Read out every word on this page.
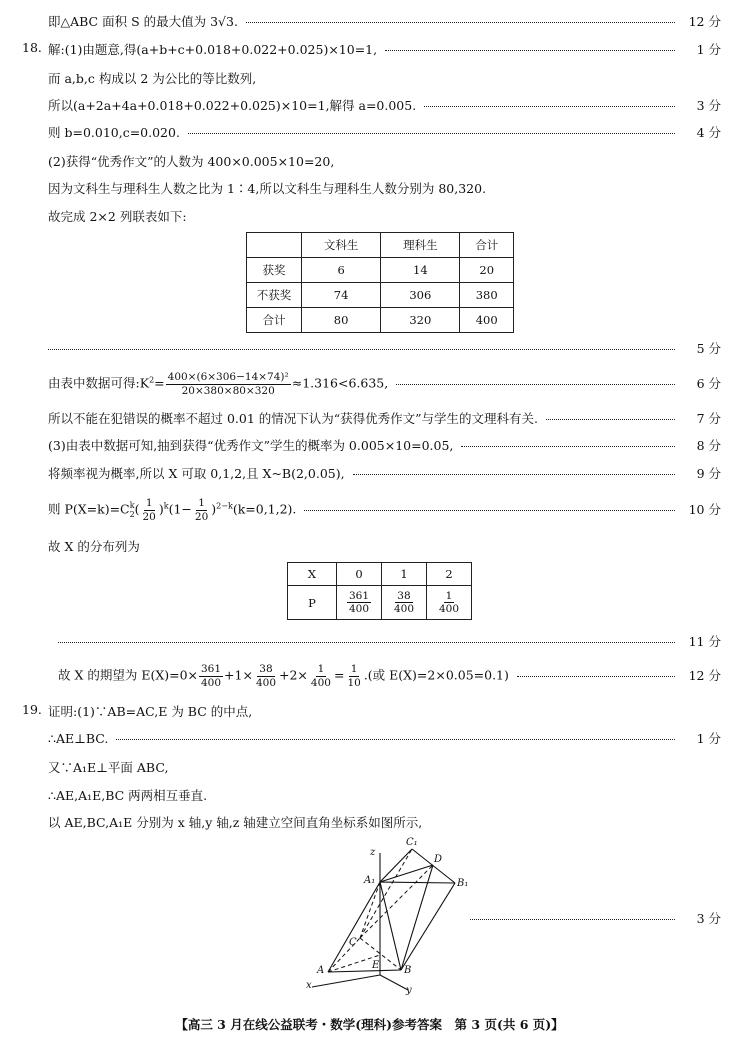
即△ABC 面积 S 的最大值为 3√3.	12 分
18. 解:(1)由题意,得(a+b+c+0.018+0.022+0.025)×10=1,	1 分
而 a,b,c 构成以 2 为公比的等比数列,
所以(a+2a+4a+0.018+0.022+0.025)×10=1,解得 a=0.005.	3 分
则 b=0.010,c=0.020.	4 分
(2)获得“优秀作文”的人数为 400×0.005×10=20,
因为文科生与理科生人数之比为 1∶4,所以文科生与理科生人数分别为 80,320.
故完成 2×2 列联表如下:
	文科生	理科生	合计
获奖	6	14	20
不获奖	74	306	380
合计	80	320	400
5 分
由表中数据可得$:K^2= \frac{\text{400×(6×306−14×74)²}}{20\times 380\times 80\times 320} \approx 1.316<6.635$,	6 分
所以不能在犯错误的概率不超过 0.01 的情况下认为“获得优秀作文”与学生的文理科有关.	7 分
(3)由表中数据可知,抽到获得“优秀作文”学生的概率为 0.005×10=0.05,	8 分
将频率视为概率,所以 X 可取 0,1,2,且 X~B(2,0.05),	9 分
则 $P(X=k)=C_2^k( \frac{1}{20} )^k(1- \frac{1}{20} )^{2-k}(k=0,1,2)$.	10 分
故 X 的分布列为
X	0	1	2
P	$\frac{361}{400}$	$\frac{38}{400}$	$\frac{1}{400}$
11 分
故 X 的期望为 $E(X)=0\times \frac{361}{400} +1\times \frac{38}{400} +2\times \frac{1}{400} = \frac{1}{10}$ .(或 E(X)=2×0.05=0.1)	12 分
19. 证明:(1)∵AB=AC,E 为 BC 的中点,
∴AE⊥BC.	1 分
又∵A₁E⊥平面 ABC,
∴AE,A₁E,BC 两两相互垂直.
以 AE,BC,A₁E 分别为 x 轴,y 轴,z 轴建立空间直角坐标系如图所示,
z
C₁
D
A₁	B₁
C
A	E B
x	y
3 分
【高三 3 月在线公益联考・数学(理科)参考答案　第 3 页(共 6 页)】
